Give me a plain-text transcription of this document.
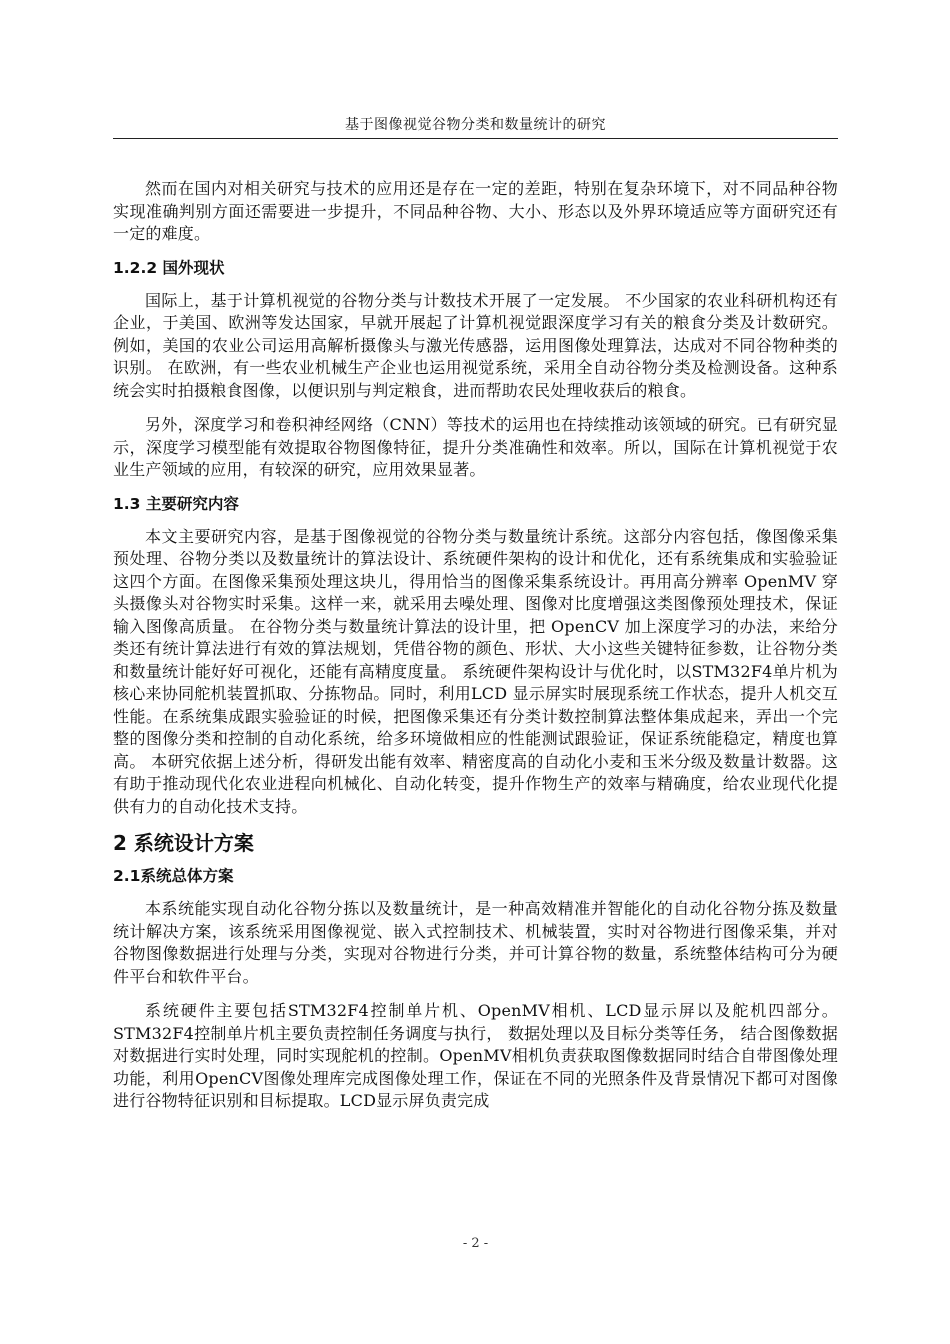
基于图像视觉谷物分类和数量统计的研究

然而在国内对相关研究与技术的应用还是存在一定的差距，特别在复杂环境下，对不同品种谷物实现准确判别方面还需要进一步提升，不同品种谷物、大小、形态以及外界环境适应等方面研究还有一定的难度。

1.2.2 国外现状

国际上，基于计算机视觉的谷物分类与计数技术开展了一定发展。 不少国家的农业科研机构还有企业，于美国、欧洲等发达国家，早就开展起了计算机视觉跟深度学习有关的粮食分类及计数研究。 例如，美国的农业公司运用高解析摄像头与激光传感器，运用图像处理算法，达成对不同谷物种类的识别。 在欧洲，有一些农业机械生产企业也运用视觉系统，采用全自动谷物分类及检测设备。这种系统会实时拍摄粮食图像，以便识别与判定粮食，进而帮助农民处理收获后的粮食。

另外，深度学习和卷积神经网络（CNN）等技术的运用也在持续推动该领域的研究。已有研究显示，深度学习模型能有效提取谷物图像特征，提升分类准确性和效率。所以，国际在计算机视觉于农业生产领域的应用，有较深的研究，应用效果显著。

1.3 主要研究内容

本文主要研究内容，是基于图像视觉的谷物分类与数量统计系统。这部分内容包括，像图像采集预处理、谷物分类以及数量统计的算法设计、系统硬件架构的设计和优化，还有系统集成和实验验证这四个方面。在图像采集预处理这块儿，得用恰当的图像采集系统设计。再用高分辨率 OpenMV 穿头摄像头对谷物实时采集。这样一来，就采用去噪处理、图像对比度增强这类图像预处理技术，保证输入图像高质量。 在谷物分类与数量统计算法的设计里，把 OpenCV 加上深度学习的办法，来给分类还有统计算法进行有效的算法规划，凭借谷物的颜色、形状、大小这些关键特征参数，让谷物分类和数量统计能好好可视化，还能有高精度度量。 系统硬件架构设计与优化时，以STM32F4单片机为核心来协同舵机装置抓取、分拣物品。同时，利用LCD 显示屏实时展现系统工作状态，提升人机交互性能。在系统集成跟实验验证的时候，把图像采集还有分类计数控制算法整体集成起来，弄出一个完整的图像分类和控制的自动化系统，给多环境做相应的性能测试跟验证，保证系统能稳定，精度也算高。 本研究依据上述分析，得研发出能有效率、精密度高的自动化小麦和玉米分级及数量计数器。这有助于推动现代化农业进程向机械化、自动化转变，提升作物生产的效率与精确度，给农业现代化提供有力的自动化技术支持。

2 系统设计方案
2.1系统总体方案

本系统能实现自动化谷物分拣以及数量统计，是一种高效精准并智能化的自动化谷物分拣及数量统计解决方案，该系统采用图像视觉、嵌入式控制技术、机械装置，实时对谷物进行图像采集，并对谷物图像数据进行处理与分类，实现对谷物进行分类，并可计算谷物的数量，系统整体结构可分为硬件平台和软件平台。

系统硬件主要包括STM32F4控制单片机、OpenMV相机、LCD显示屏以及舵机四部分。STM32F4控制单片机主要负责控制任务调度与执行， 数据处理以及目标分类等任务， 结合图像数据对数据进行实时处理，同时实现舵机的控制。OpenMV相机负责获取图像数据同时结合自带图像处理功能，利用OpenCV图像处理库完成图像处理工作，保证在不同的光照条件及背景情况下都可对图像进行谷物特征识别和目标提取。LCD显示屏负责完成

- 2 -
